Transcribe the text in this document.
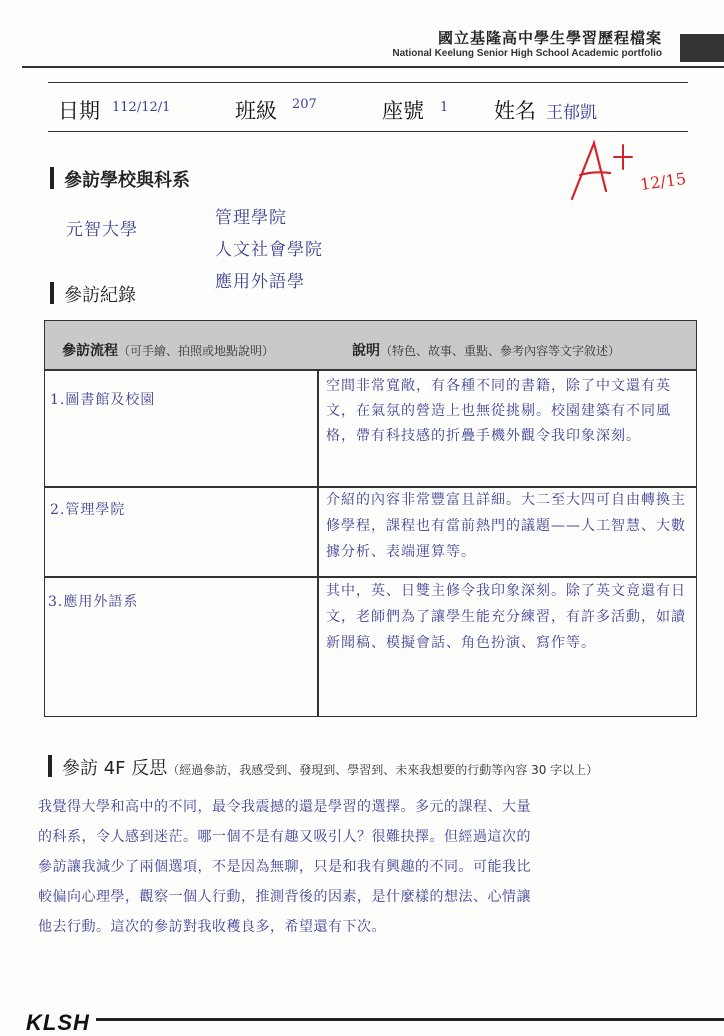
國立基隆高中學生學習歷程檔案
National Keelung Senior High School Academic portfolio
日期 112/12/1	班級 207	座號 1 姓名 王郁凱
12/15
參訪學校與科系
元智大學
管理學院
人文社會學院
應用外語學
參訪紀錄
參訪流程（可手繪、拍照或地點說明）	說明（特色、故事、重點、參考內容等文字敘述）
1.圖書館及校園
空間非常寬敞，有各種不同的書籍，除了中文還有英文，在氣氛的營造上也無從挑剔。校園建築有不同風格，帶有科技感的折疊手機外觀令我印象深刻。
2.管理學院
介紹的內容非常豐富且詳細。大二至大四可自由轉換主修學程，課程也有當前熱門的議題——人工智慧、大數據分析、表端運算等。
3.應用外語系
其中，英、日雙主修令我印象深刻。除了英文竟還有日文，老師們為了讓學生能充分練習，有許多活動，如讀新聞稿、模擬會話、角色扮演、寫作等。
參訪 4F 反思（經過參訪，我感受到、發現到、學習到、未來我想要的行動等內容 30 字以上）
我覺得大學和高中的不同，最令我震撼的還是學習的選擇。多元的課程、大量
的科系，令人感到迷茫。哪一個不是有趣又吸引人？很難抉擇。但經過這次的
參訪讓我減少了兩個選項，不是因為無聊，只是和我有興趣的不同。可能我比
較偏向心理學，觀察一個人行動，推測背後的因素，是什麼樣的想法、心情讓
他去行動。這次的參訪對我收穫良多，希望還有下次。
KLSH
